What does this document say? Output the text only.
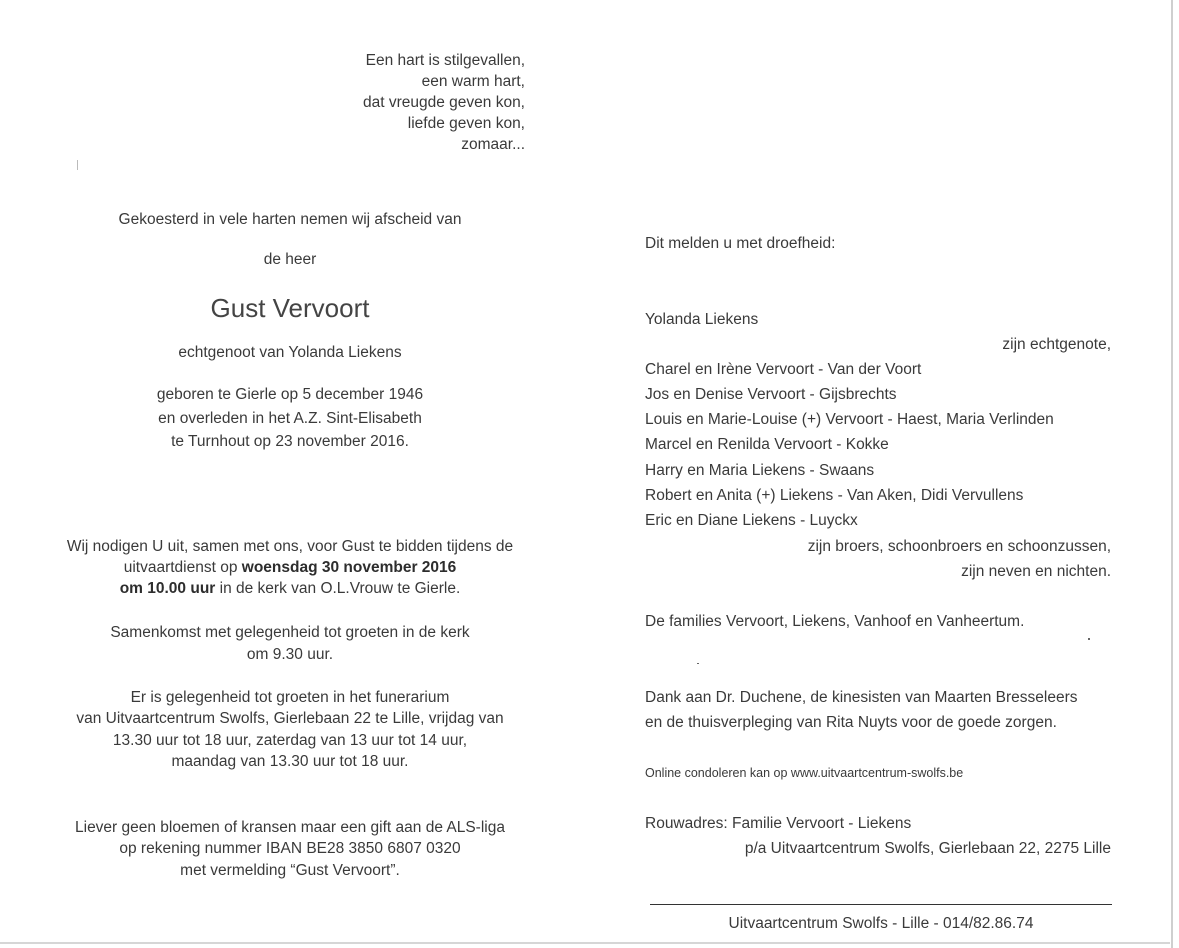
Een hart is stilgevallen,
een warm hart,
dat vreugde geven kon,
liefde geven kon,
zomaar...
Gekoesterd in vele harten nemen wij afscheid van
de heer
Gust Vervoort
echtgenoot van Yolanda Liekens
geboren te Gierle op 5 december 1946
en overleden in het A.Z. Sint-Elisabeth
te Turnhout op 23 november 2016.
Wij nodigen U uit, samen met ons, voor Gust te bidden tijdens de
uitvaartdienst op woensdag 30 november 2016
om 10.00 uur in de kerk van O.L.Vrouw te Gierle.
Samenkomst met gelegenheid tot groeten in de kerk
om 9.30 uur.
Er is gelegenheid tot groeten in het funerarium
van Uitvaartcentrum Swolfs, Gierlebaan 22 te Lille, vrijdag van
13.30 uur tot 18 uur, zaterdag van 13 uur tot 14 uur,
maandag van 13.30 uur tot 18 uur.
Liever geen bloemen of kransen maar een gift aan de ALS-liga
op rekening nummer IBAN BE28 3850 6807 0320
met vermelding “Gust Vervoort”.
Dit melden u met droefheid:
Yolanda Liekens
zijn echtgenote,
Charel en Irène Vervoort - Van der Voort
Jos en Denise Vervoort - Gijsbrechts
Louis en Marie-Louise (+) Vervoort - Haest, Maria Verlinden
Marcel en Renilda Vervoort - Kokke
Harry en Maria Liekens - Swaans
Robert en Anita (+) Liekens - Van Aken, Didi Vervullens
Eric en Diane Liekens - Luyckx
zijn broers, schoonbroers en schoonzussen,
zijn neven en nichten.
De families Vervoort, Liekens, Vanhoof en Vanheertum.
Dank aan Dr. Duchene, de kinesisten van Maarten Bresseleers
en de thuisverpleging van Rita Nuyts voor de goede zorgen.
Online condoleren kan op www.uitvaartcentrum-swolfs.be
Rouwadres: Familie Vervoort - Liekens
p/a Uitvaartcentrum Swolfs, Gierlebaan 22, 2275 Lille
Uitvaartcentrum Swolfs - Lille - 014/82.86.74
